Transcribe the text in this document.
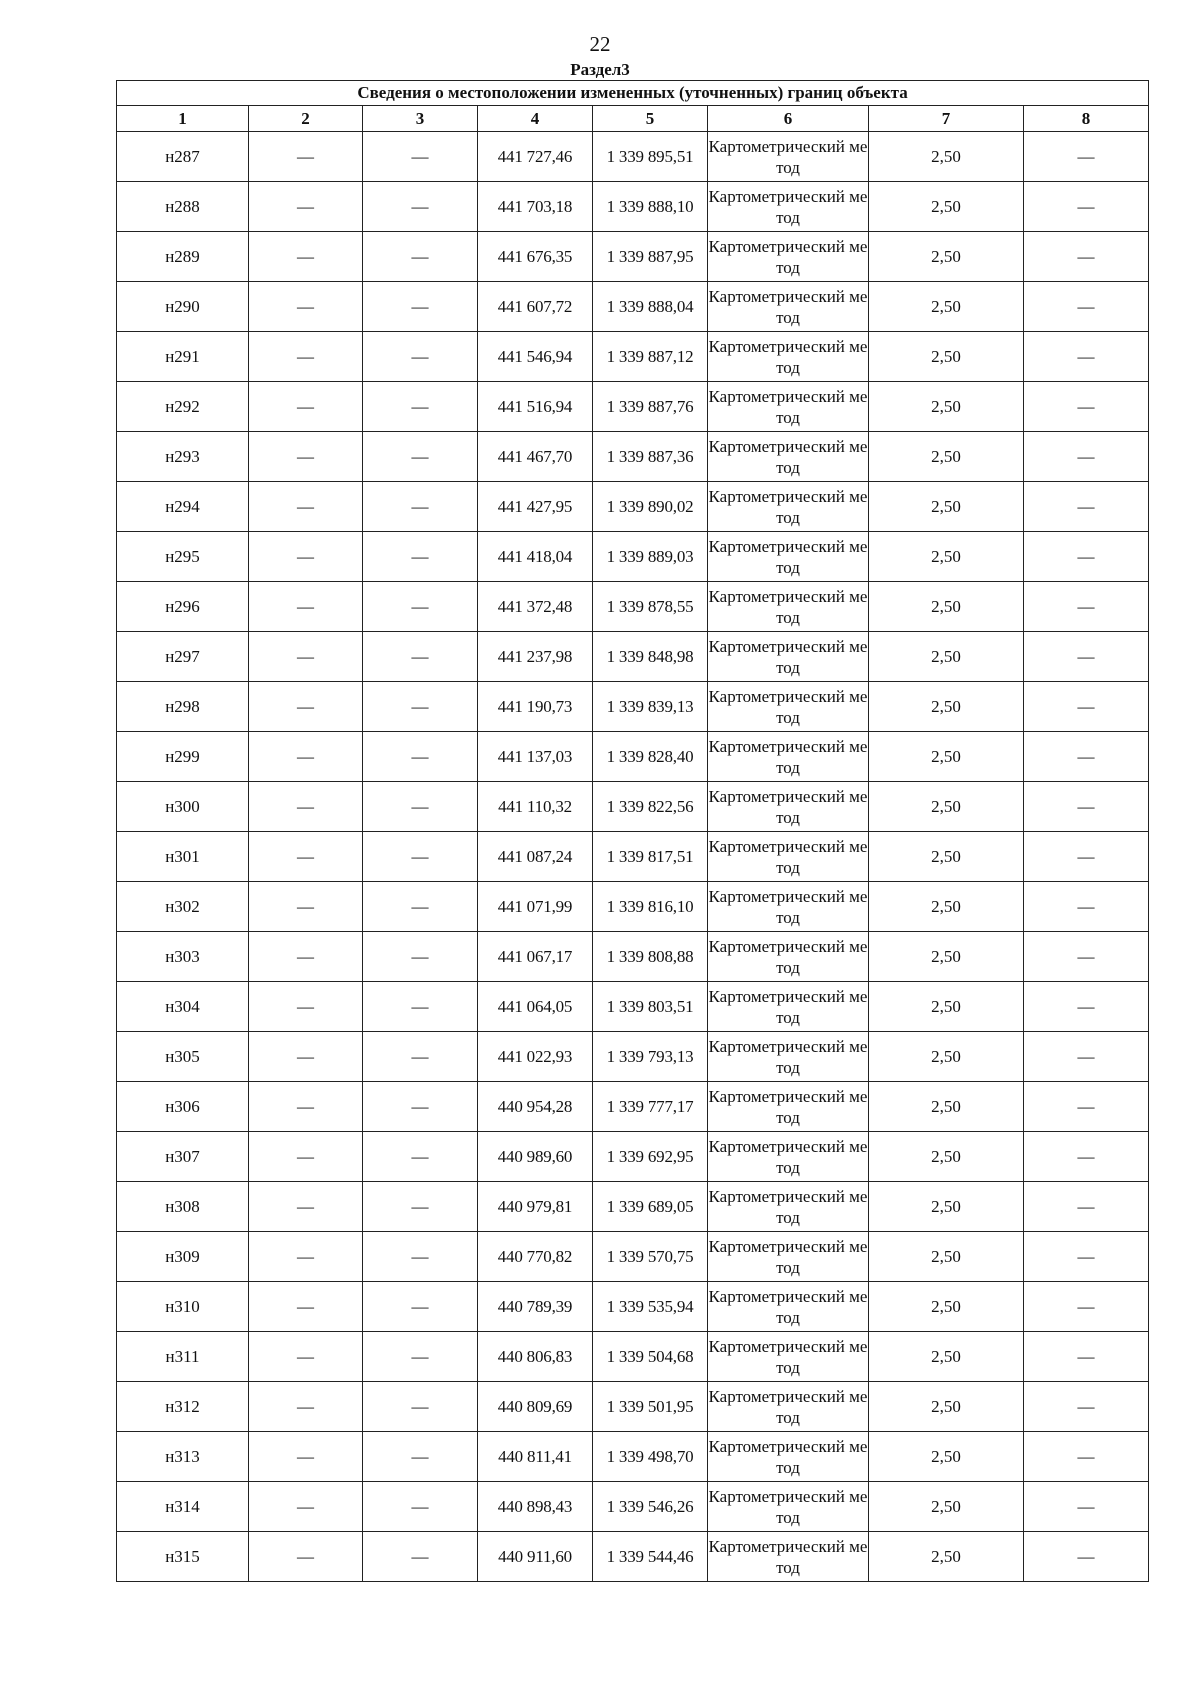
22
Раздел3
Сведения о местоположении измененных (уточненных) границ объекта							
1	2	3	4	5	6	7	8
н287	—	—	441 727,46	1 339 895,51	Картометрический метод	2,50	—
н288	—	—	441 703,18	1 339 888,10	Картометрический метод	2,50	—
н289	—	—	441 676,35	1 339 887,95	Картометрический метод	2,50	—
н290	—	—	441 607,72	1 339 888,04	Картометрический метод	2,50	—
н291	—	—	441 546,94	1 339 887,12	Картометрический метод	2,50	—
н292	—	—	441 516,94	1 339 887,76	Картометрический метод	2,50	—
н293	—	—	441 467,70	1 339 887,36	Картометрический метод	2,50	—
н294	—	—	441 427,95	1 339 890,02	Картометрический метод	2,50	—
н295	—	—	441 418,04	1 339 889,03	Картометрический метод	2,50	—
н296	—	—	441 372,48	1 339 878,55	Картометрический метод	2,50	—
н297	—	—	441 237,98	1 339 848,98	Картометрический метод	2,50	—
н298	—	—	441 190,73	1 339 839,13	Картометрический метод	2,50	—
н299	—	—	441 137,03	1 339 828,40	Картометрический метод	2,50	—
н300	—	—	441 110,32	1 339 822,56	Картометрический метод	2,50	—
н301	—	—	441 087,24	1 339 817,51	Картометрический метод	2,50	—
н302	—	—	441 071,99	1 339 816,10	Картометрический метод	2,50	—
н303	—	—	441 067,17	1 339 808,88	Картометрический метод	2,50	—
н304	—	—	441 064,05	1 339 803,51	Картометрический метод	2,50	—
н305	—	—	441 022,93	1 339 793,13	Картометрический метод	2,50	—
н306	—	—	440 954,28	1 339 777,17	Картометрический метод	2,50	—
н307	—	—	440 989,60	1 339 692,95	Картометрический метод	2,50	—
н308	—	—	440 979,81	1 339 689,05	Картометрический метод	2,50	—
н309	—	—	440 770,82	1 339 570,75	Картометрический метод	2,50	—
н310	—	—	440 789,39	1 339 535,94	Картометрический метод	2,50	—
н311	—	—	440 806,83	1 339 504,68	Картометрический метод	2,50	—
н312	—	—	440 809,69	1 339 501,95	Картометрический метод	2,50	—
н313	—	—	440 811,41	1 339 498,70	Картометрический метод	2,50	—
н314	—	—	440 898,43	1 339 546,26	Картометрический метод	2,50	—
н315	—	—	440 911,60	1 339 544,46	Картометрический метод	2,50	—
